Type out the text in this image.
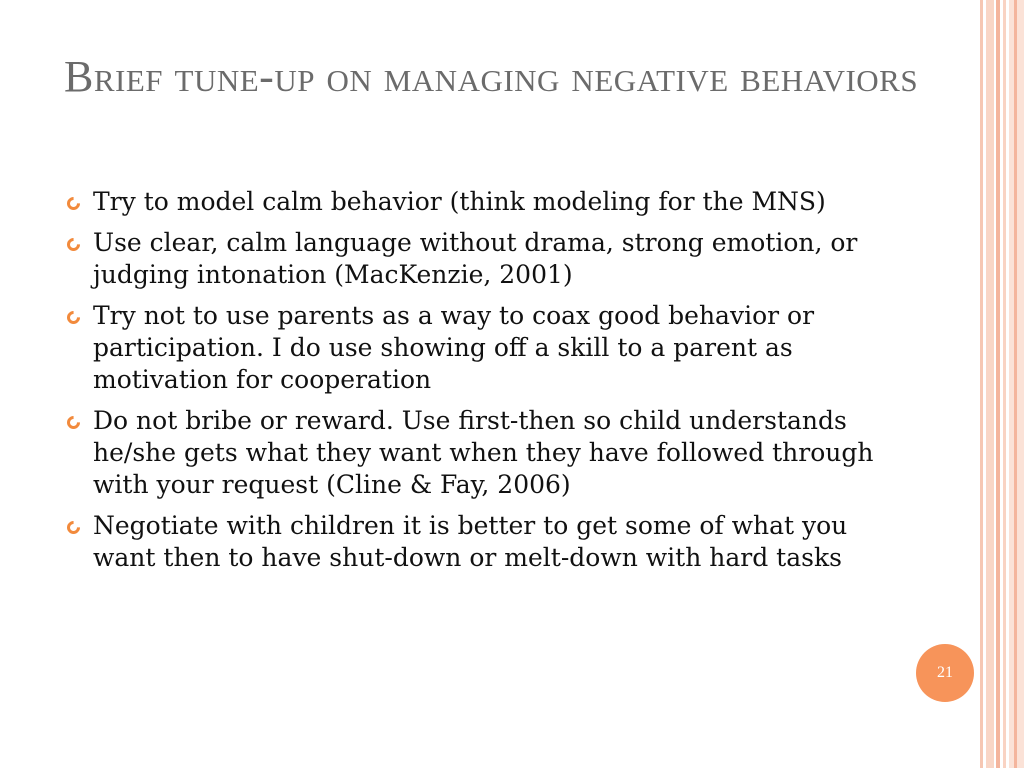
Brief tune-up on managing negative behaviors
Try to model calm behavior (think modeling for the MNS)
Use clear, calm language without drama, strong emotion, or judging intonation (MacKenzie, 2001)
Try not to use parents as a way to coax good behavior or participation. I do use showing off a skill to a parent as motivation for cooperation
Do not bribe or reward. Use first-then so child understands he/she gets what they want when they have followed through with your request (Cline & Fay, 2006)
Negotiate with children it is better to get some of what you want then to have shut-down or melt-down with hard tasks
21
